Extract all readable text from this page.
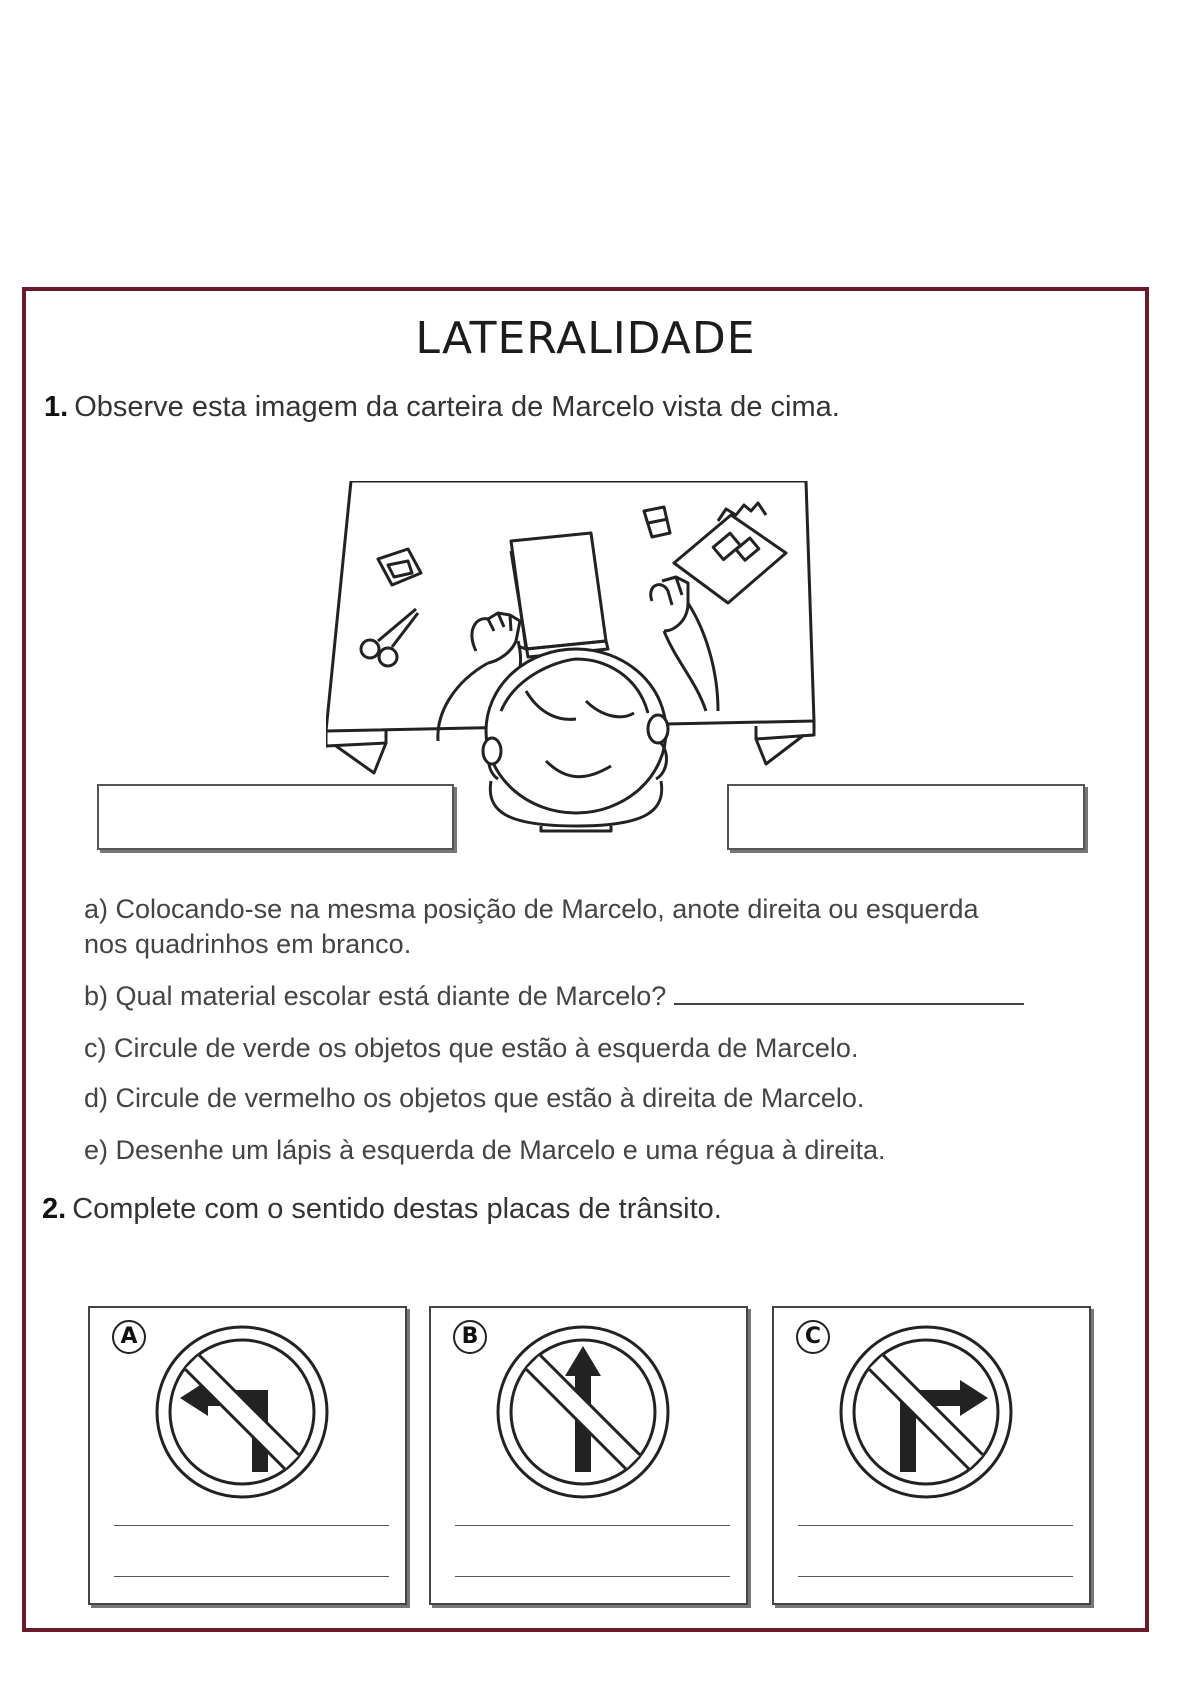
LATERALIDADE
1. Observe esta imagem da carteira de Marcelo vista de cima.
a) Colocando-se na mesma posição de Marcelo, anote direita ou esquerda
nos quadrinhos em branco.
b) Qual material escolar está diante de Marcelo?
c) Circule de verde os objetos que estão à esquerda de Marcelo.
d) Circule de vermelho os objetos que estão à direita de Marcelo.
e) Desenhe um lápis à esquerda de Marcelo e uma régua à direita.
2. Complete com o sentido destas placas de trânsito.
A	B	C
